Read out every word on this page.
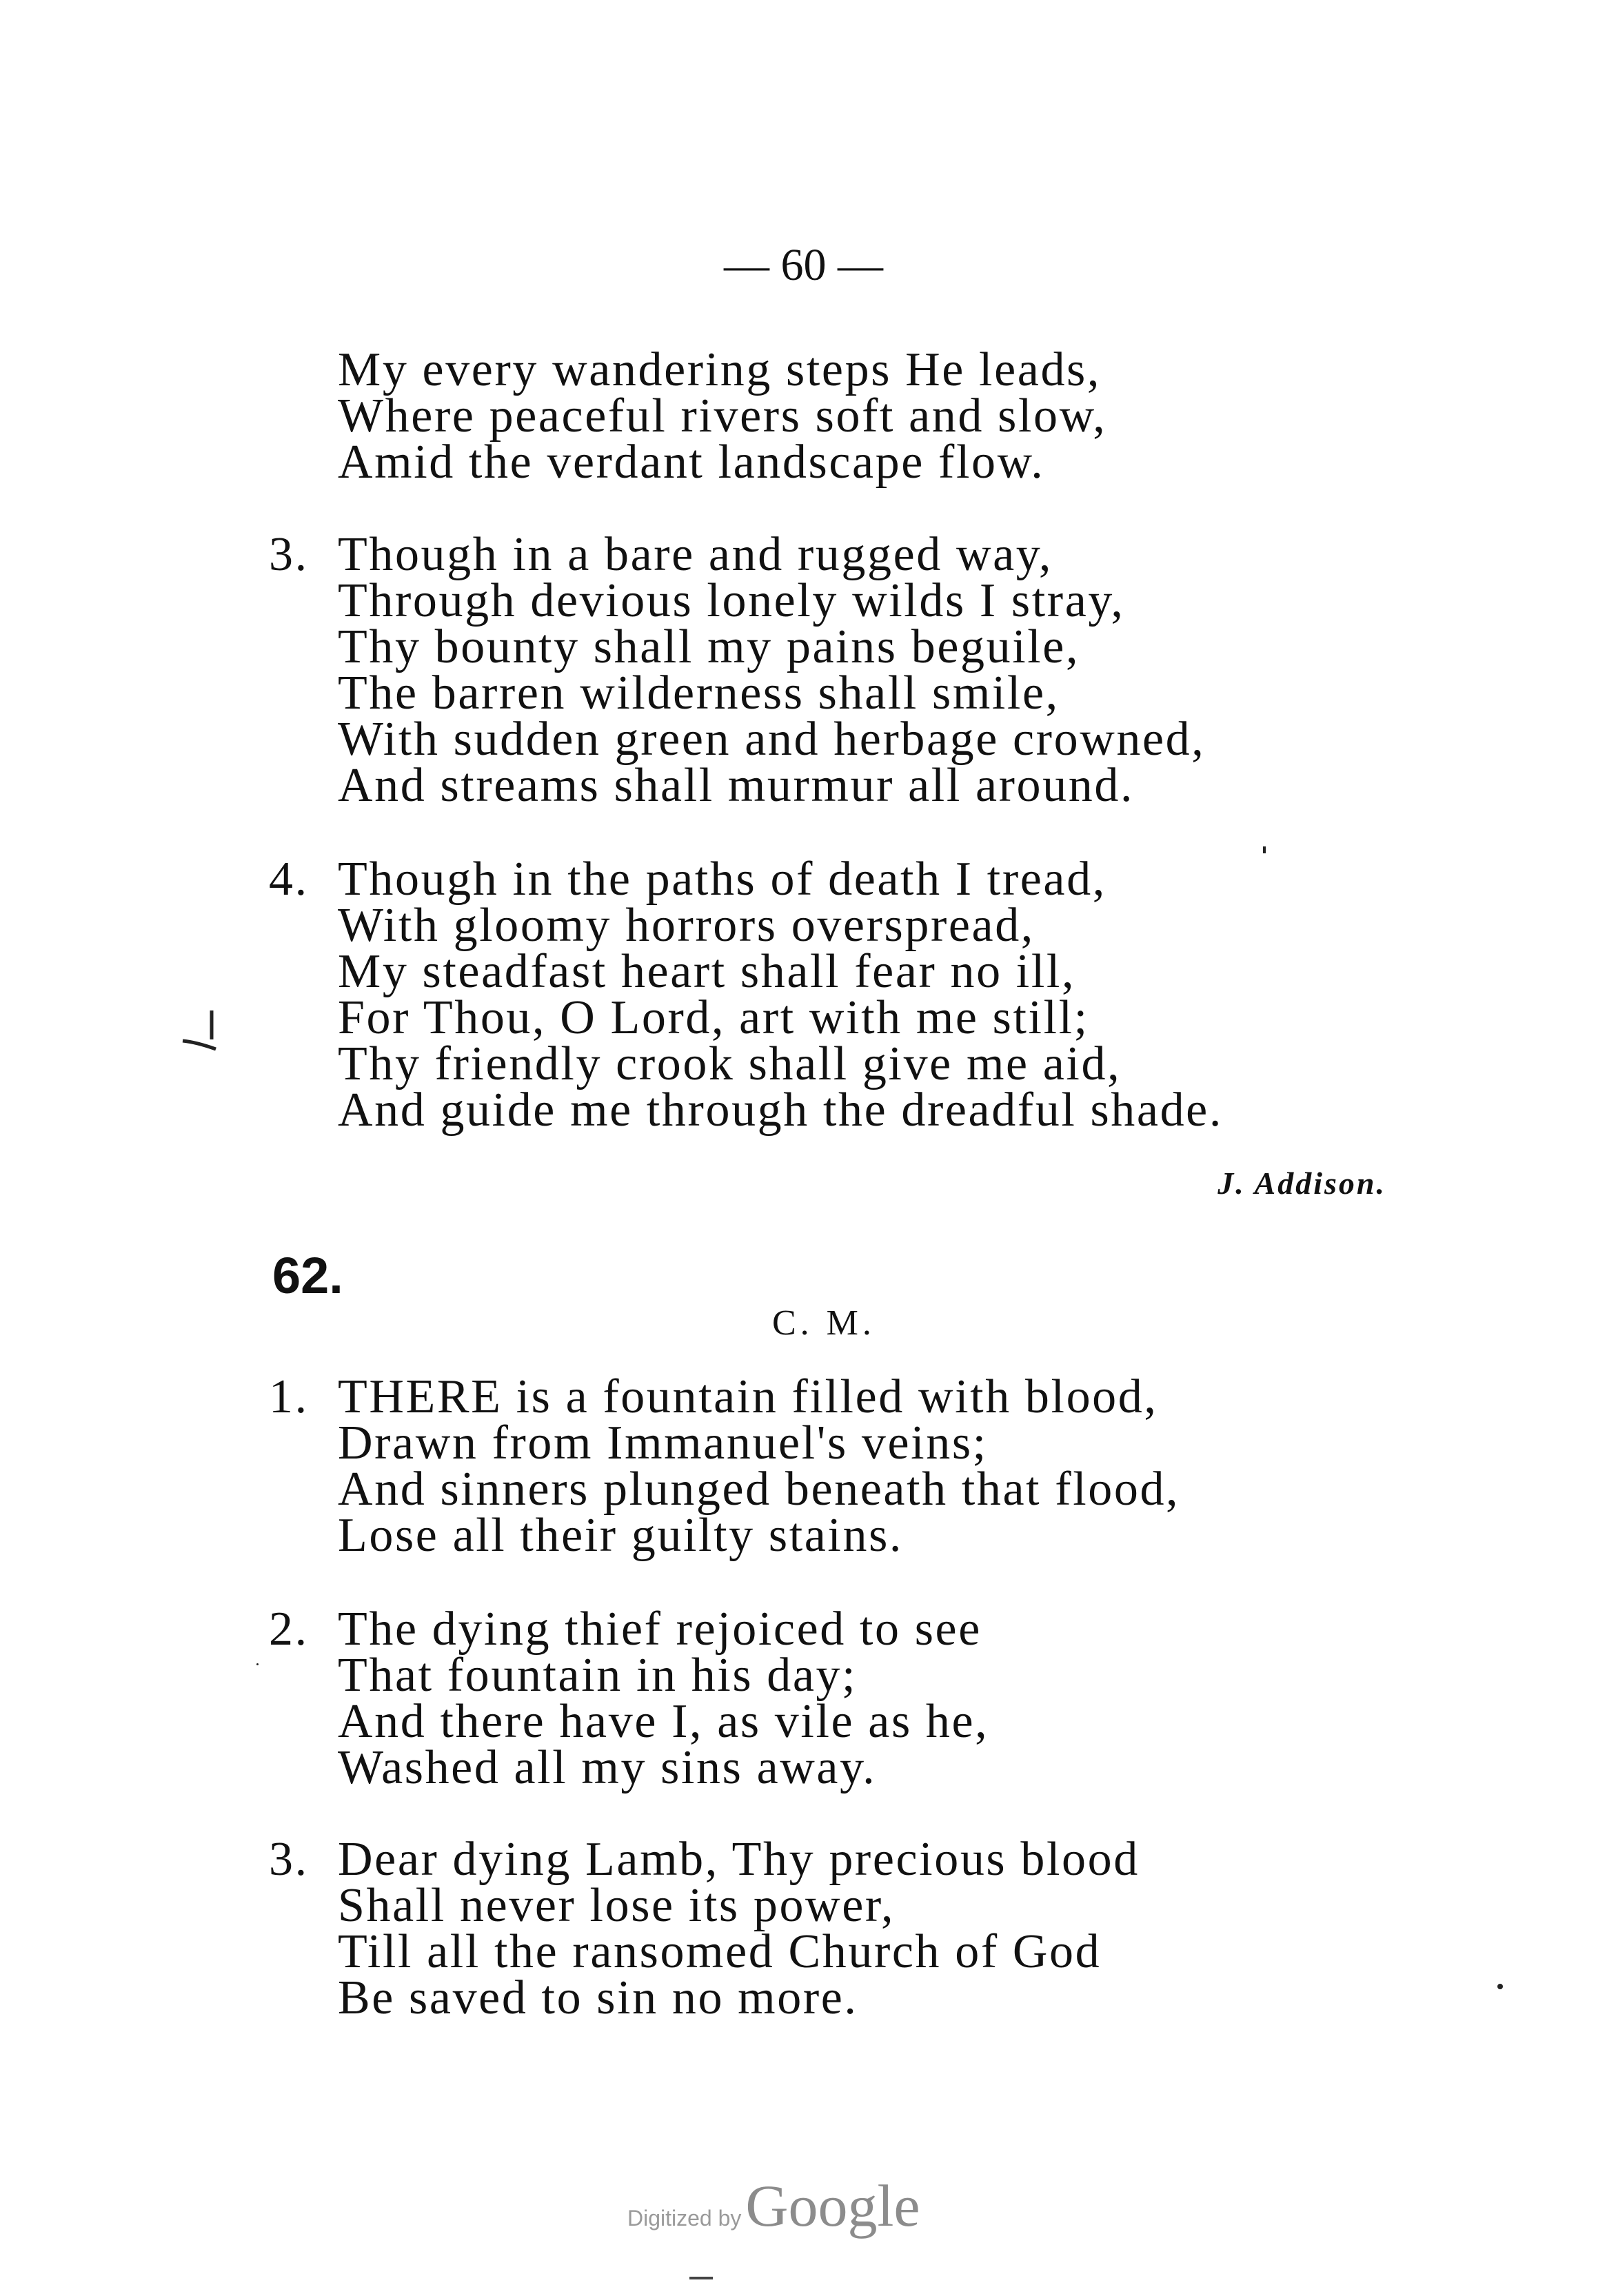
— 60 —
My every wandering steps He leads,
Where peaceful rivers soft and slow,
Amid the verdant landscape flow.
3. Though in a bare and rugged way,
Through devious lonely wilds I stray,
Thy bounty shall my pains beguile,
The barren wilderness shall smile,
With sudden green and herbage crowned,
And streams shall murmur all around.
4. Though in the paths of death I tread,
With gloomy horrors overspread,
My steadfast heart shall fear no ill,
For Thou, O Lord, art with me still;
Thy friendly crook shall give me aid,
And guide me through the dreadful shade.
J. Addison.
62.
C. M.
1. THERE is a fountain filled with blood,
Drawn from Immanuel's veins;
And sinners plunged beneath that flood,
Lose all their guilty stains.
2. The dying thief rejoiced to see
That fountain in his day;
And there have I, as vile as he,
Washed all my sins away.
3. Dear dying Lamb, Thy precious blood
Shall never lose its power,
Till all the ransomed Church of God
Be saved to sin no more.
Digitized byGoogle
